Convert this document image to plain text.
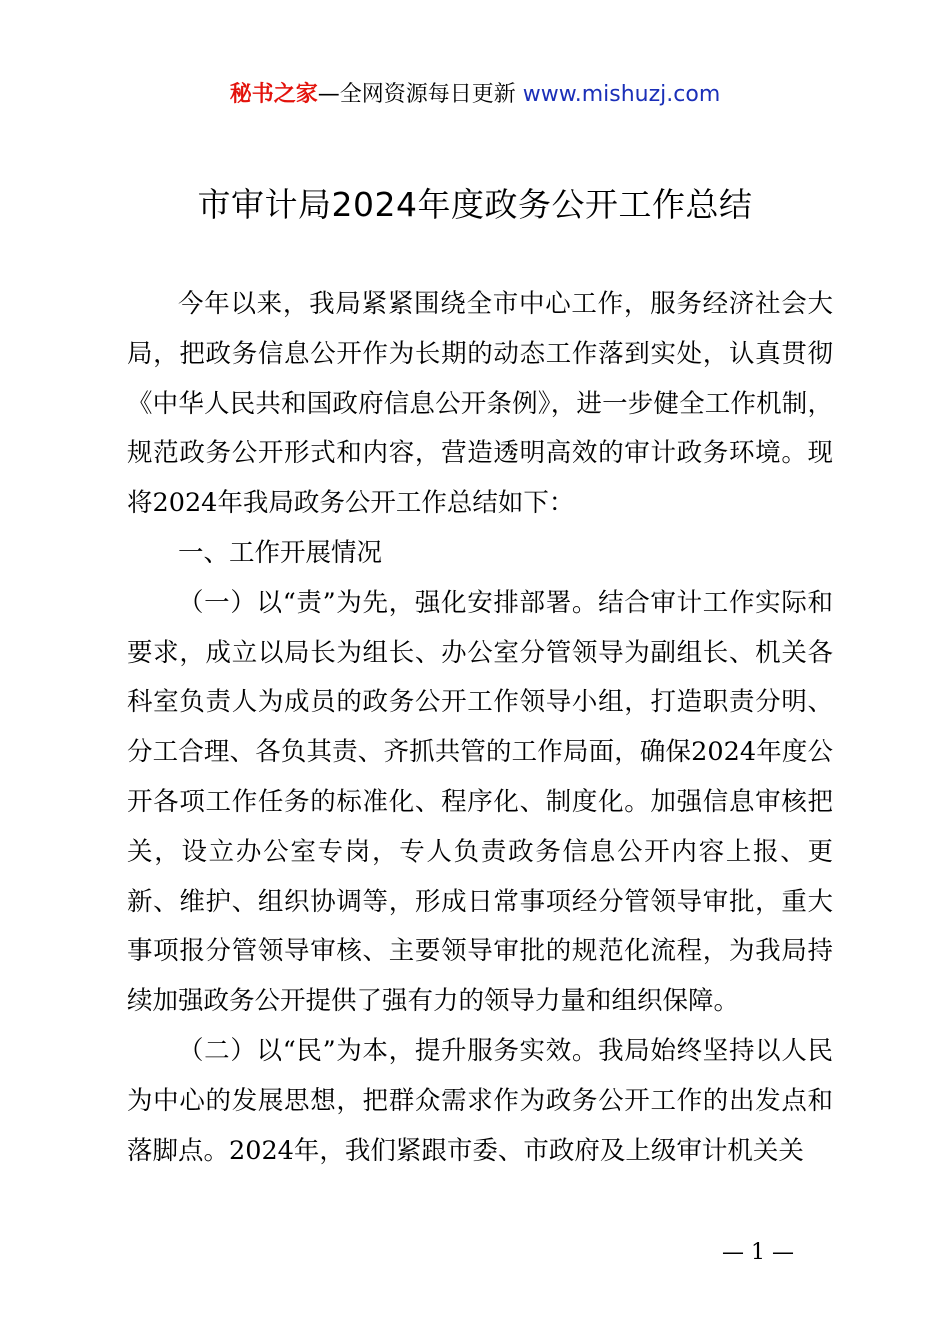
秘书之家—全网资源每日更新 www.mishuzj.com
市审计局2024年度政务公开工作总结

今年以来，我局紧紧围绕全市中心工作，服务经济社会大局，把政务信息公开作为长期的动态工作落到实处，认真贯彻《中华人民共和国政府信息公开条例》，进一步健全工作机制，规范政务公开形式和内容，营造透明高效的审计政务环境。现将2024年我局政务公开工作总结如下：

一、工作开展情况

（一）以“责”为先，强化安排部署。结合审计工作实际和要求，成立以局长为组长、办公室分管领导为副组长、机关各科室负责人为成员的政务公开工作领导小组，打造职责分明、分工合理、各负其责、齐抓共管的工作局面，确保2024年度公开各项工作任务的标准化、程序化、制度化。加强信息审核把关，设立办公室专岗，专人负责政务信息公开内容上报、更新、维护、组织协调等，形成日常事项经分管领导审批，重大事项报分管领导审核、主要领导审批的规范化流程，为我局持续加强政务公开提供了强有力的领导力量和组织保障。

（二）以“民”为本，提升服务实效。我局始终坚持以人民为中心的发展思想，把群众需求作为政务公开工作的出发点和落脚点。2024年，我们紧跟市委、市政府及上级审计机关关

— 1 —
